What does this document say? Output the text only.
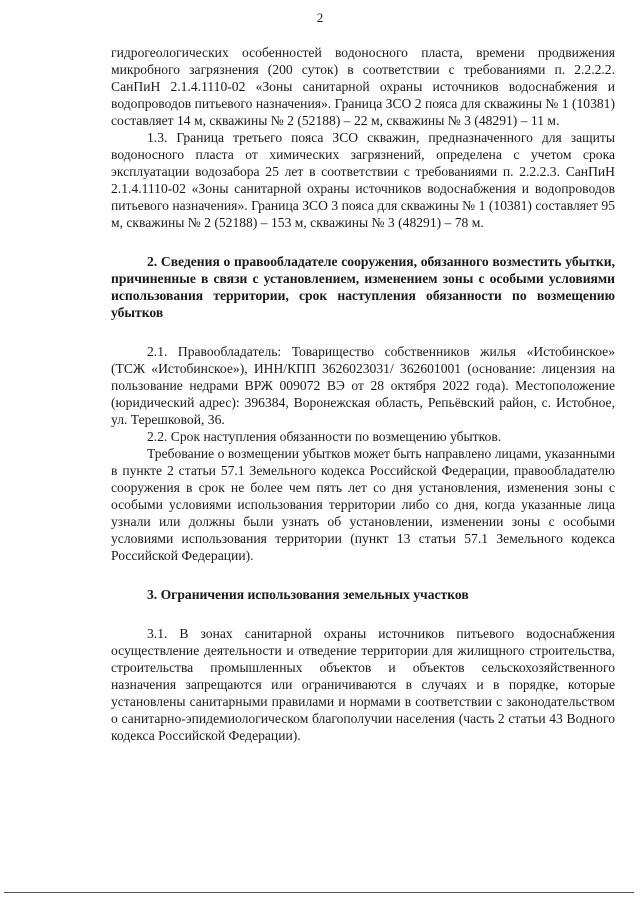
2

гидрогеологических особенностей водоносного пласта, времени продвижения микробного загрязнения (200 суток) в соответствии с требованиями п. 2.2.2.2. СанПиН 2.1.4.1110-02 «Зоны санитарной охраны источников водоснабжения и водопроводов питьевого назначения». Граница ЗСО 2 пояса для скважины № 1 (10381) составляет 14 м, скважины № 2 (52188) – 22 м, скважины № 3 (48291) – 11 м.

1.3. Граница третьего пояса ЗСО скважин, предназначенного для защиты водоносного пласта от химических загрязнений, определена с учетом срока эксплуатации водозабора 25 лет в соответствии с требованиями п. 2.2.2.3. СанПиН 2.1.4.1110-02 «Зоны санитарной охраны источников водоснабжения и водопроводов питьевого назначения». Граница ЗСО 3 пояса для скважины № 1 (10381) составляет 95 м, скважины № 2 (52188) – 153 м, скважины № 3 (48291) – 78 м.

2. Сведения о правообладателе сооружения, обязанного возместить убытки, причиненные в связи с установлением, изменением зоны с особыми условиями использования территории, срок наступления обязанности по возмещению убытков

2.1. Правообладатель: Товарищество собственников жилья «Истобинское» (ТСЖ «Истобинское»), ИНН/КПП 3626023031/ 362601001 (основание: лицензия на пользование недрами ВРЖ 009072 ВЭ от 28 октября 2022 года). Местоположение (юридический адрес): 396384, Воронежская область, Репьёвский район, с. Истобное, ул. Терешковой, 36.

2.2. Срок наступления обязанности по возмещению убытков.

Требование о возмещении убытков может быть направлено лицами, указанными в пункте 2 статьи 57.1 Земельного кодекса Российской Федерации, правообладателю сооружения в срок не более чем пять лет со дня установления, изменения зоны с особыми условиями использования территории либо со дня, когда указанные лица узнали или должны были узнать об установлении, изменении зоны с особыми условиями использования территории (пункт 13 статьи 57.1 Земельного кодекса Российской Федерации).

3. Ограничения использования земельных участков

3.1. В зонах санитарной охраны источников питьевого водоснабжения осуществление деятельности и отведение территории для жилищного строительства, строительства промышленных объектов и объектов сельскохозяйственного назначения запрещаются или ограничиваются в случаях и в порядке, которые установлены санитарными правилами и нормами в соответствии с законодательством о санитарно-эпидемиологическом благополучии населения (часть 2 статьи 43 Водного кодекса Российской Федерации).
